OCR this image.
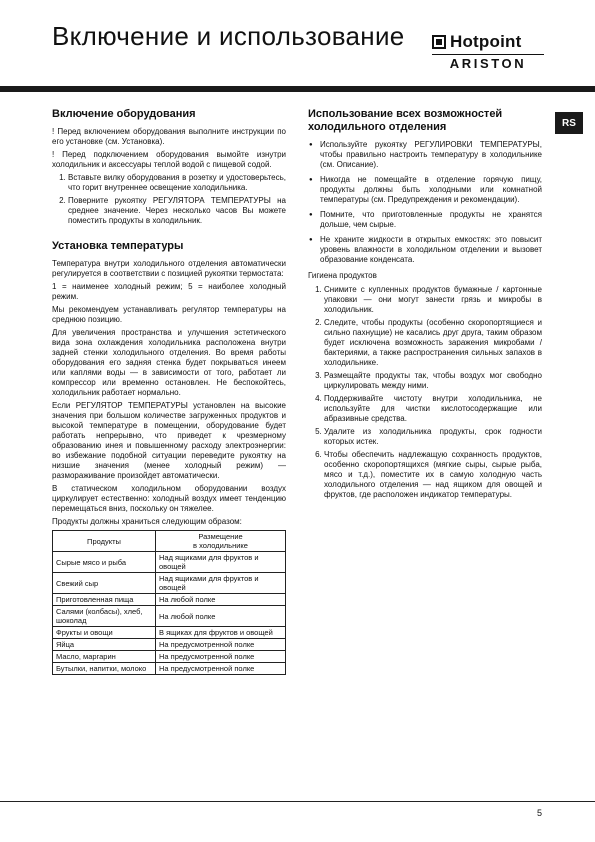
Включение и использование	Hotpoint
ARISTON
RS
Включение оборудования

! Перед включением оборудования выполните инструкции по его установке (см. Установка).

! Перед подключением оборудования вымойте изнутри холодильник и аксессуары теплой водой с пищевой содой.

1. Вставьте вилку оборудования в розетку и удостоверьтесь, что горит внутреннее освещение холодильника.
2. Поверните рукоятку РЕГУЛЯТОРА ТЕМПЕРАТУРЫ на среднее значение. Через несколько часов Вы можете поместить продукты в холодильник.
Установка температуры

Температура внутри холодильного отделения автоматически регулируется в соответствии с позицией рукоятки термостата:

1 = наименее холодный режим; 5 = наиболее холодный режим.

Мы рекомендуем устанавливать регулятор температуры на среднюю позицию.

Для увеличения пространства и улучшения эстетического вида зона охлаждения холодильника расположена внутри задней стенки холодильного отделения. Во время работы оборудования его задняя стенка будет покрываться инеем или каплями воды — в зависимости от того, работает ли компрессор или временно остановлен. Не беспокойтесь, холодильник работает нормально.

Если РЕГУЛЯТОР ТЕМПЕРАТУРЫ установлен на высокие значения при большом количестве загруженных продуктов и высокой температуре в помещении, оборудование будет работать непрерывно, что приведет к чрезмерному образованию инея и повышенному расходу электроэнергии: во избежание подобной ситуации переведите рукоятку на низшие значения (менее холодный режим) — размораживание произойдет автоматически.

В статическом холодильном оборудовании воздух циркулирует естественно: холодный воздух имеет тенденцию перемещаться вниз, поскольку он тяжелее.

Продукты должны храниться следующим образом:

Продукты	Размещение
в холодильнике
Сырые мясо и рыба	Над ящиками для фруктов и овощей
Свежий сыр	Над ящиками для фруктов и овощей
Приготовленная пища	На любой полке
Салями (колбасы), хлеб, шоколад	На любой полке
Фрукты и овощи	В ящиках для фруктов и овощей
Яйца	На предусмотренной полке
Масло, маргарин	На предусмотренной полке
Бутылки, напитки, молоко	На предусмотренной полке
Использование всех возможностей холодильного отделения
● Используйте рукоятку РЕГУЛИРОВКИ ТЕМПЕРАТУРЫ, чтобы правильно настроить температуру в холодильнике (см. Описание).
● Никогда не помещайте в отделение горячую пищу, продукты должны быть холодными или комнатной температуры (см. Предупреждения и рекомендации).
● Помните, что приготовленные продукты не хранятся дольше, чем сырые.
● Не храните жидкости в открытых емкостях: это повысит уровень влажности в холодильном отделении и вызовет образование конденсата.

Гигиена продуктов

1. Снимите с купленных продуктов бумажные / картонные упаковки — они могут занести грязь и микробы в холодильник.
2. Следите, чтобы продукты (особенно скоропортящиеся и сильно пахнущие) не касались друг друга, таким образом будет исключена возможность заражения микробами / бактериями, а также распространения сильных запахов в холодильнике.
3. Размещайте продукты так, чтобы воздух мог свободно циркулировать между ними.
4. Поддерживайте чистоту внутри холодильника, не используйте для чистки кислотосодержащие или абразивные средства.
5. Удалите из холодильника продукты, срок годности которых истек.
6. Чтобы обеспечить надлежащую сохранность продуктов, особенно скоропортящихся (мягкие сыры, сырые рыба, мясо и т.д.), поместите их в самую холодную часть холодильного отделения — над ящиком для овощей и фруктов, где расположен индикатор температуры.
5
